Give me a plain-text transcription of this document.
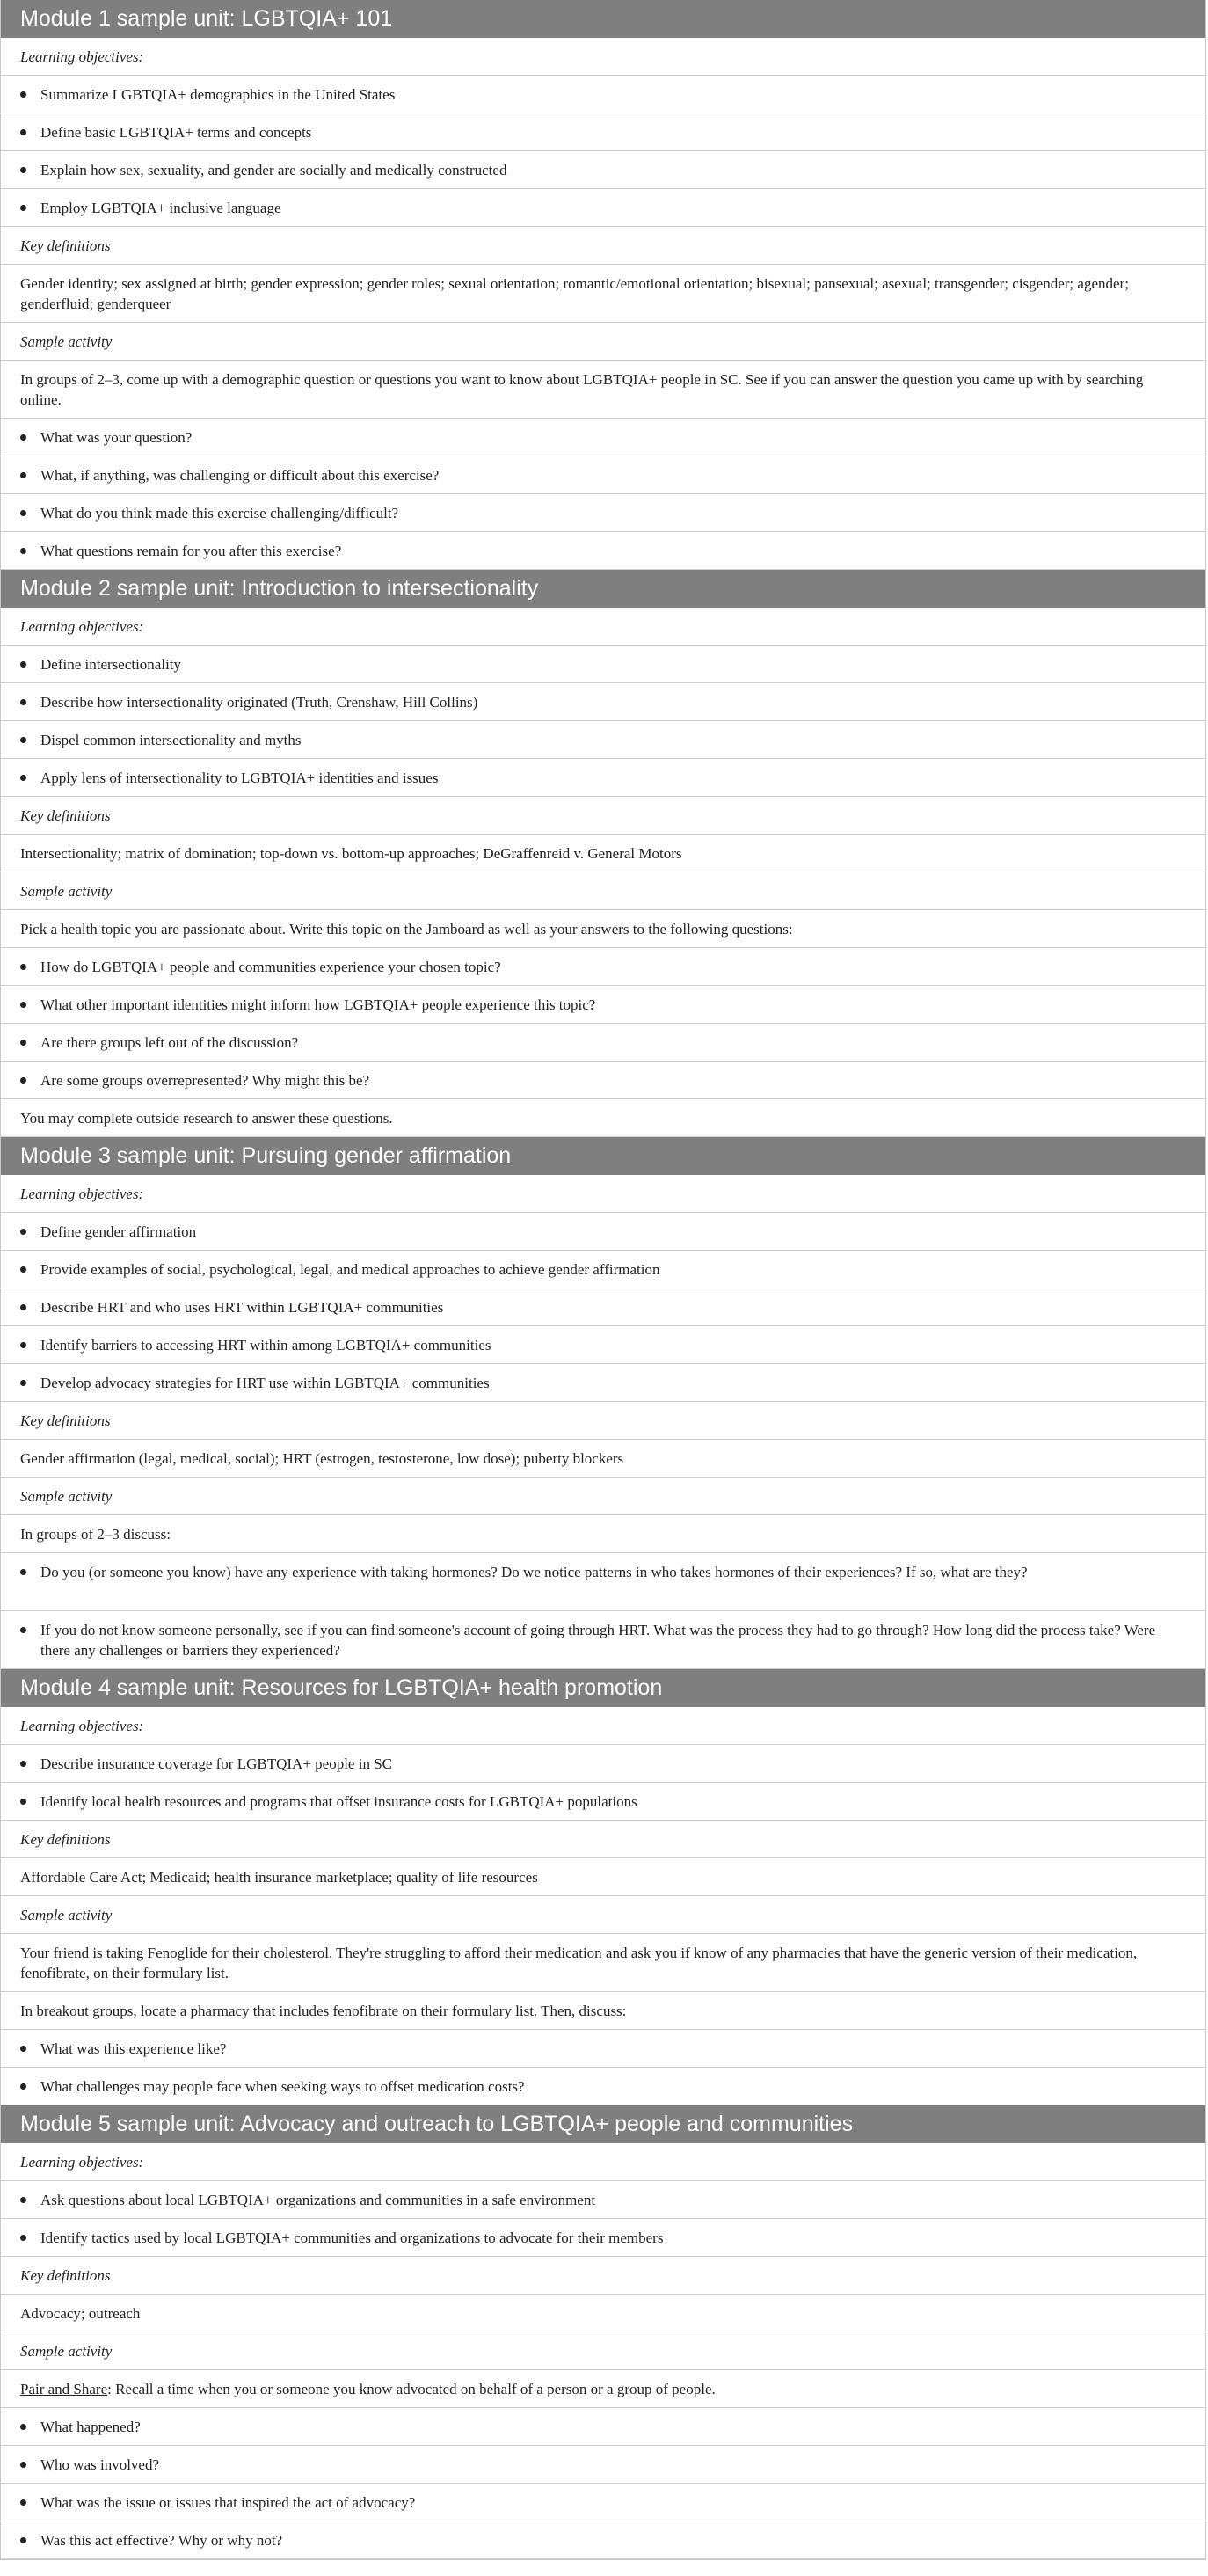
Module 1 sample unit: LGBTQIA+ 101
Learning objectives:
Summarize LGBTQIA+ demographics in the United States
Define basic LGBTQIA+ terms and concepts
Explain how sex, sexuality, and gender are socially and medically constructed
Employ LGBTQIA+ inclusive language
Key definitions
Gender identity; sex assigned at birth; gender expression; gender roles; sexual orientation; romantic/emotional orientation; bisexual; pansexual; asexual; transgender; cisgender; agender; genderfluid; genderqueer
Sample activity
In groups of 2–3, come up with a demographic question or questions you want to know about LGBTQIA+ people in SC. See if you can answer the question you came up with by searching online.
What was your question?
What, if anything, was challenging or difficult about this exercise?
What do you think made this exercise challenging/difficult?
What questions remain for you after this exercise?
Module 2 sample unit: Introduction to intersectionality
Learning objectives:
Define intersectionality
Describe how intersectionality originated (Truth, Crenshaw, Hill Collins)
Dispel common intersectionality and myths
Apply lens of intersectionality to LGBTQIA+ identities and issues
Key definitions
Intersectionality; matrix of domination; top-down vs. bottom-up approaches; DeGraffenreid v. General Motors
Sample activity
Pick a health topic you are passionate about. Write this topic on the Jamboard as well as your answers to the following questions:
How do LGBTQIA+ people and communities experience your chosen topic?
What other important identities might inform how LGBTQIA+ people experience this topic?
Are there groups left out of the discussion?
Are some groups overrepresented? Why might this be?
You may complete outside research to answer these questions.
Module 3 sample unit: Pursuing gender affirmation
Learning objectives:
Define gender affirmation
Provide examples of social, psychological, legal, and medical approaches to achieve gender affirmation
Describe HRT and who uses HRT within LGBTQIA+ communities
Identify barriers to accessing HRT within among LGBTQIA+ communities
Develop advocacy strategies for HRT use within LGBTQIA+ communities
Key definitions
Gender affirmation (legal, medical, social); HRT (estrogen, testosterone, low dose); puberty blockers
Sample activity
In groups of 2–3 discuss:
Do you (or someone you know) have any experience with taking hormones? Do we notice patterns in who takes hormones of their experiences? If so, what are they?
If you do not know someone personally, see if you can find someone's account of going through HRT. What was the process they had to go through? How long did the process take? Were there any challenges or barriers they experienced?
Module 4 sample unit: Resources for LGBTQIA+ health promotion
Learning objectives:
Describe insurance coverage for LGBTQIA+ people in SC
Identify local health resources and programs that offset insurance costs for LGBTQIA+ populations
Key definitions
Affordable Care Act; Medicaid; health insurance marketplace; quality of life resources
Sample activity
Your friend is taking Fenoglide for their cholesterol. They're struggling to afford their medication and ask you if know of any pharmacies that have the generic version of their medication, fenofibrate, on their formulary list.
In breakout groups, locate a pharmacy that includes fenofibrate on their formulary list. Then, discuss:
What was this experience like?
What challenges may people face when seeking ways to offset medication costs?
Module 5 sample unit: Advocacy and outreach to LGBTQIA+ people and communities
Learning objectives:
Ask questions about local LGBTQIA+ organizations and communities in a safe environment
Identify tactics used by local LGBTQIA+ communities and organizations to advocate for their members
Key definitions
Advocacy; outreach
Sample activity
Pair and Share: Recall a time when you or someone you know advocated on behalf of a person or a group of people.
What happened?
Who was involved?
What was the issue or issues that inspired the act of advocacy?
Was this act effective? Why or why not?
